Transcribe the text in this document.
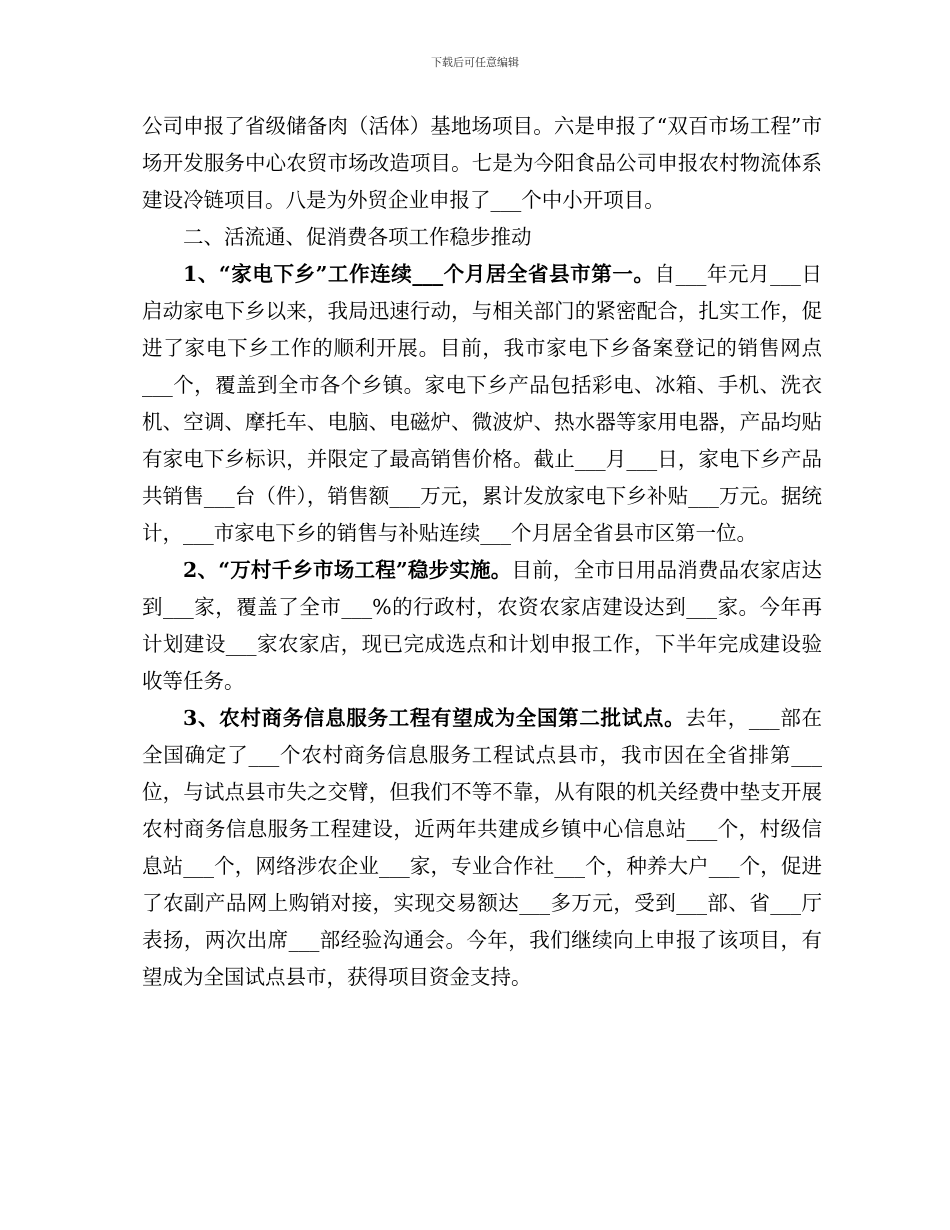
下载后可任意编辑

公司申报了省级储备肉（活体）基地场项目。六是申报了“双百市场工程”市场开发服务中心农贸市场改造项目。七是为今阳食品公司申报农村物流体系建设冷链项目。八是为外贸企业申报了___个中小开项目。

二、活流通、促消费各项工作稳步推动

1、“家电下乡”工作连续___个月居全省县市第一。自___年元月___日启动家电下乡以来，我局迅速行动，与相关部门的紧密配合，扎实工作，促进了家电下乡工作的顺利开展。目前，我市家电下乡备案登记的销售网点___个，覆盖到全市各个乡镇。家电下乡产品包括彩电、冰箱、手机、洗衣机、空调、摩托车、电脑、电磁炉、微波炉、热水器等家用电器，产品均贴有家电下乡标识，并限定了最高销售价格。截止___月___日，家电下乡产品共销售___台（件），销售额___万元，累计发放家电下乡补贴___万元。据统计，___市家电下乡的销售与补贴连续___个月居全省县市区第一位。

2、“万村千乡市场工程”稳步实施。目前，全市日用品消费品农家店达到___家，覆盖了全市___%的行政村，农资农家店建设达到___家。今年再计划建设___家农家店，现已完成选点和计划申报工作，下半年完成建设验收等任务。

3、农村商务信息服务工程有望成为全国第二批试点。去年，___部在全国确定了___个农村商务信息服务工程试点县市，我市因在全省排第___位，与试点县市失之交臂，但我们不等不靠，从有限的机关经费中垫支开展农村商务信息服务工程建设，近两年共建成乡镇中心信息站___个，村级信息站___个，网络涉农企业___家，专业合作社___个，种养大户___个，促进了农副产品网上购销对接，实现交易额达___多万元，受到___部、省___厅表扬，两次出席___部经验沟通会。今年，我们继续向上申报了该项目，有望成为全国试点县市，获得项目资金支持。
